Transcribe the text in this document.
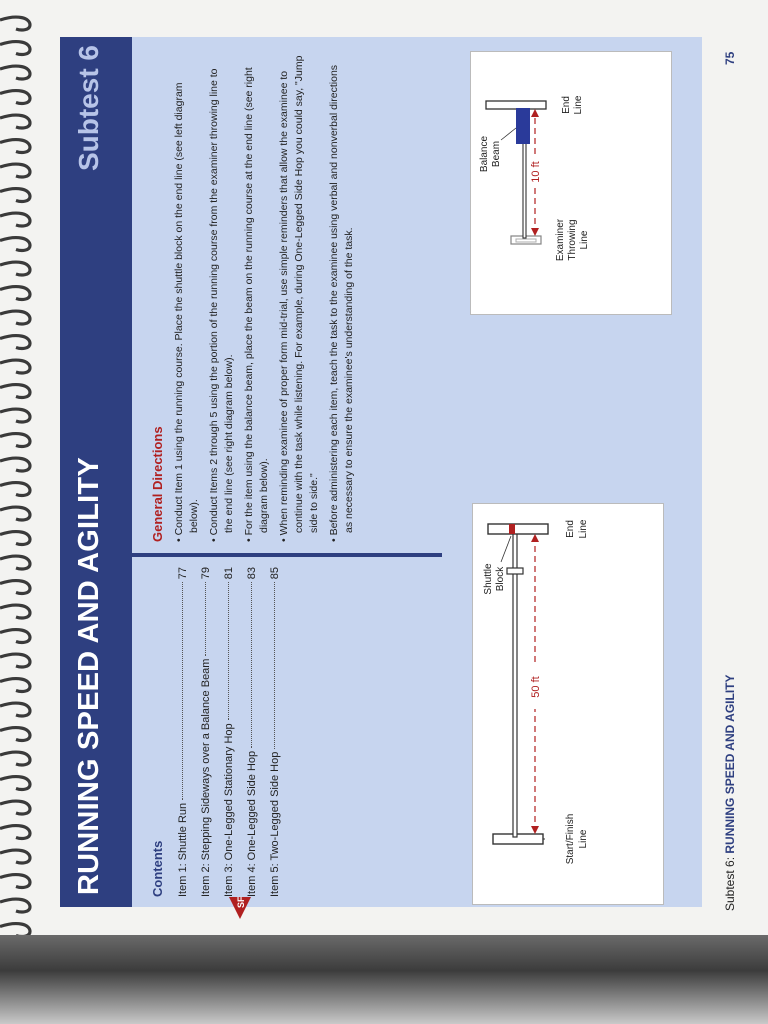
RUNNING SPEED AND AGILITY
Subtest 6
Contents Item 1: Shuttle Run
77
Item 2: Stepping Sideways over a Balance Beam
79
Item 3: One-Legged Stationary Hop
81
Item 4: One-Legged Side Hop
83
Item 5: Two-Legged Side Hop
85
SF
General Directions • Conduct Item 1 using the running course. Place the shuttle block on the end line (see left diagram below). • Conduct Items 2 through 5 using the portion of the running course from the examiner throwing line to the end line (see right diagram below). • For the item using the balance beam, place the beam on the running course at the end line (see right diagram below). • When reminding examinee of proper form mid-trial, use simple reminders that allow the examinee to continue with the task while listening. For example, during One-Legged Side Hop you could say, "Jump side to side." • Before administering each item, teach the task to the examinee using verbal and nonverbal directions as necessary to ensure the examinee's understanding of the task.
50 ft
Start/Finish Line
Shuttle Block
End Line
10 ft
Examiner Throwing Line
Balance Beam
End Line
Subtest 6: RUNNING SPEED AND AGILITY
75
